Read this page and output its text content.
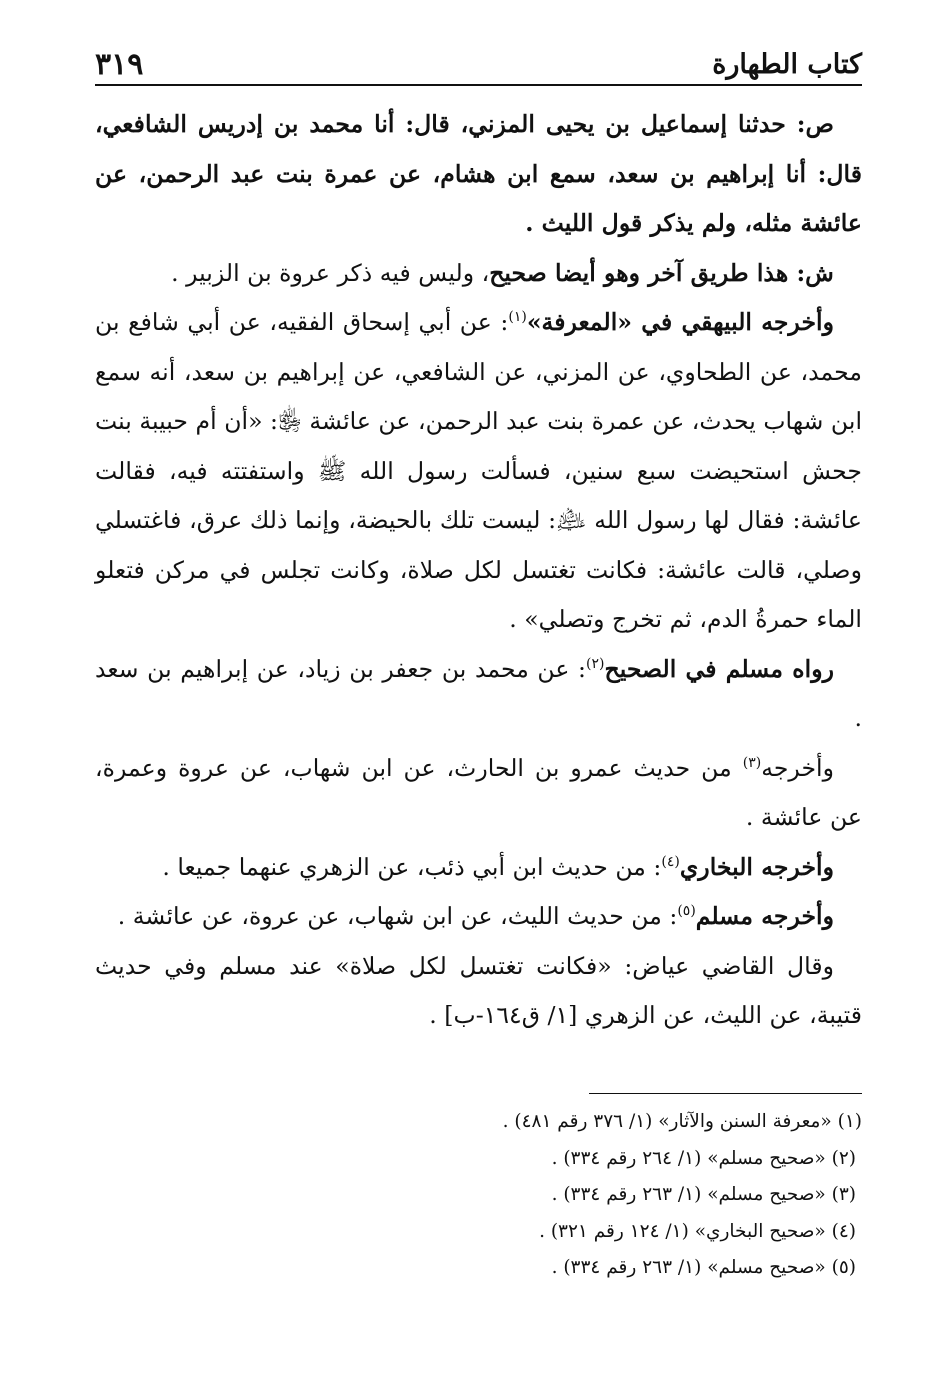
كتاب الطهارة
٣١٩

ص: حدثنا إسماعيل بن يحيى المزني، قال: أنا محمد بن إدريس الشافعي، قال: أنا إبراهيم بن سعد، سمع ابن هشام، عن عمرة بنت عبد الرحمن، عن عائشة مثله، ولم يذكر قول الليث .

ش: هذا طريق آخر وهو أيضا صحيح، وليس فيه ذكر عروة بن الزبير .

وأخرجه البيهقي في «المعرفة»$^{(١)}$: عن أبي إسحاق الفقيه، عن أبي شافع بن محمد، عن الطحاوي، عن المزني، عن الشافعي، عن إبراهيم بن سعد، أنه سمع ابن شهاب يحدث، عن عمرة بنت عبد الرحمن، عن عائشة ﵂: «أن أم حبيبة بنت جحش استحيضت سبع سنين، فسألت رسول الله ﷺ واستفتته فيه، فقالت عائشة: فقال لها رسول الله ﵇: ليست تلك بالحيضة، وإنما ذلك عرق، فاغتسلي وصلي، قالت عائشة: فكانت تغتسل لكل صلاة، وكانت تجلس في مركن فتعلو الماء حمرةُ الدم، ثم تخرج وتصلي» .

رواه مسلم في الصحيح$^{(٢)}$: عن محمد بن جعفر بن زياد، عن إبراهيم بن سعد .

وأخرجه$^{(٣)}$ من حديث عمرو بن الحارث، عن ابن شهاب، عن عروة وعمرة، عن عائشة .

وأخرجه البخاري$^{(٤)}$: من حديث ابن أبي ذئب، عن الزهري عنهما جميعا .

وأخرجه مسلم$^{(٥)}$: من حديث الليث، عن ابن شهاب، عن عروة، عن عائشة .

وقال القاضي عياض: «فكانت تغتسل لكل صلاة» عند مسلم وفي حديث قتيبة، عن الليث، عن الزهري [١/ ق١٦٤-ب] .

(١) «معرفة السنن والآثار» (١/ ٣٧٦ رقم ٤٨١) .

(٢) «صحيح مسلم» (١/ ٢٦٤ رقم ٣٣٤) .

(٣) «صحيح مسلم» (١/ ٢٦٣ رقم ٣٣٤) .

(٤) «صحيح البخاري» (١/ ١٢٤ رقم ٣٢١) .

(٥) «صحيح مسلم» (١/ ٢٦٣ رقم ٣٣٤) .
